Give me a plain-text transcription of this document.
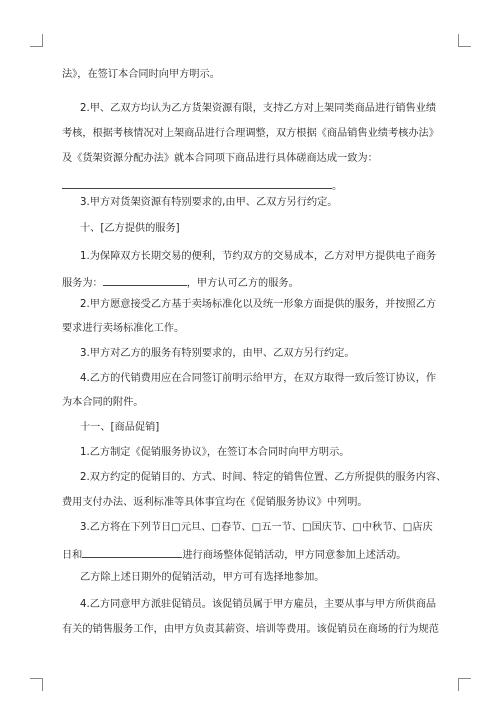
法》，在签订本合同时向甲方明示。
2.甲、乙双方均认为乙方货架资源有限，支持乙方对上架同类商品进行销售业绩
考核，根据考核情况对上架商品进行合理调整，双方根据《商品销售业绩考核办法》
及《货架资源分配办法》就本合同项下商品进行具体磋商达成一致为：
。
3.甲方对货架资源有特别要求的,由甲、乙双方另行约定。
十、[乙方提供的服务]
1.为保障双方长期交易的便利，节约双方的交易成本，乙方对甲方提供电子商务
服务为：	，甲方认可乙方的服务。
2.甲方愿意接受乙方基于卖场标准化以及统一形象方面提供的服务，并按照乙方
要求进行卖场标准化工作。
3.甲方对乙方的服务有特别要求的，由甲、乙双方另行约定。
4.乙方的代销费用应在合同签订前明示给甲方，在双方取得一致后签订协议，作
为本合同的附件。
十一、[商品促销]
1.乙方制定《促销服务协议》，在签订本合同时向甲方明示。
2.双方约定的促销目的、方式、时间、特定的销售位置、乙方所提供的服务内容、
费用支付办法、返利标准等具体事宜均在《促销服务协议》中列明。
3.乙方将在下列节日□元旦、□春节、□五一节、□国庆节、□中秋节、□店庆
日和	进行商场整体促销活动，甲方同意参加上述活动。
乙方除上述日期外的促销活动，甲方可有选择地参加。
4.乙方同意甲方派驻促销员。该促销员属于甲方雇员，主要从事与甲方所供商品
有关的销售服务工作，由甲方负责其薪资、培训等费用。该促销员在商场的行为规范
